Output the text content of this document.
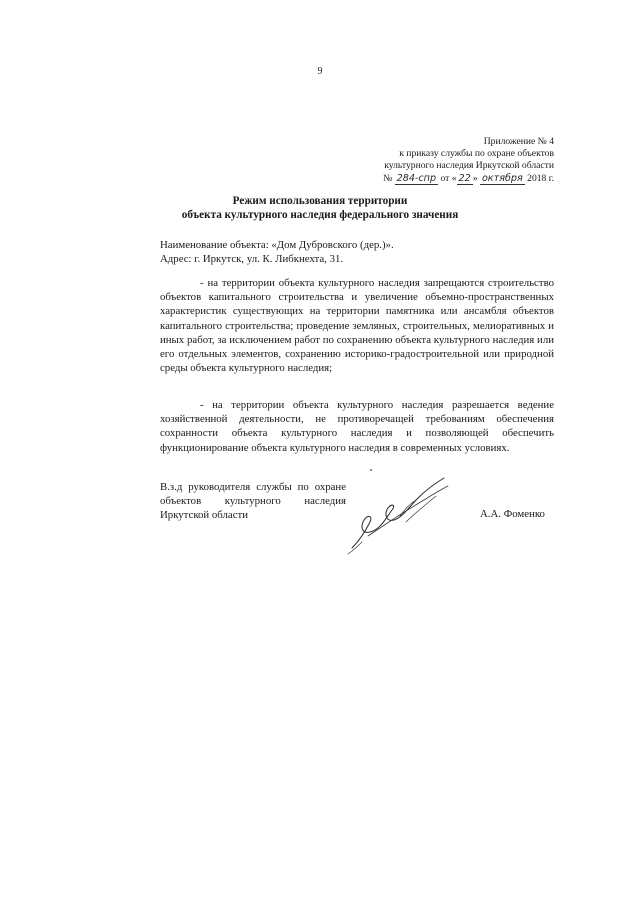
9
Приложение № 4
к приказу службы по охране объектов
культурного наследия Иркутской области
№ 284-спр от « 22 » октября 2018 г.
Режим использования территории
объекта культурного наследия федерального значения
Наименование объекта: «Дом Дубровского (дер.)».
Адрес: г. Иркутск, ул. К. Либкнехта, 31.

- на территории объекта культурного наследия запрещаются строительство объектов капитального строительства и увеличение объемно-пространственных характеристик существующих на территории памятника или ансамбля объектов капитального строительства; проведение земляных, строительных, мелиоративных и иных работ, за исключением работ по сохранению объекта культурного наследия или его отдельных элементов, сохранению историко-градостроительной или природной среды объекта культурного наследия;

- на территории объекта культурного наследия разрешается ведение хозяйственной деятельности, не противоречащей требованиям обеспечения сохранности объекта культурного наследия и позволяющей обеспечить функционирование объекта культурного наследия в современных условиях.

В.з.д руководителя службы по охране объектов культурного наследия Иркутской области	А.А. Фоменко
